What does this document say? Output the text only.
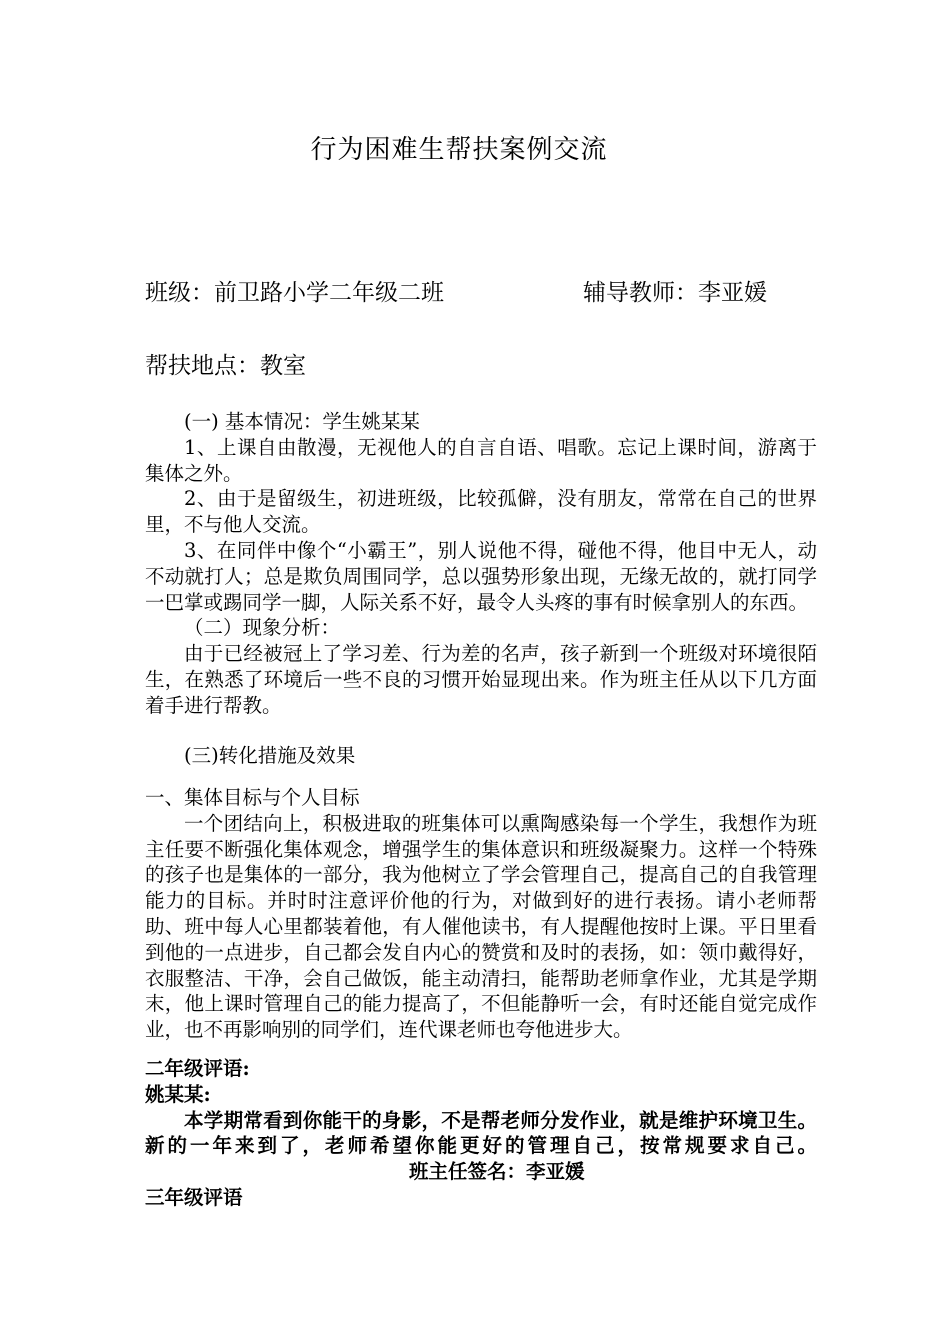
行为困难生帮扶案例交流
班级：前卫路小学二年级二班	辅导教师：李亚媛
帮扶地点：教室

(一) 基本情况：学生姚某某

1、上课自由散漫，无视他人的自言自语、唱歌。忘记上课时间，游离于集体之外。

2、由于是留级生，初进班级，比较孤僻，没有朋友，常常在自己的世界里，不与他人交流。

3、在同伴中像个“小霸王”，别人说他不得，碰他不得，他目中无人，动不动就打人；总是欺负周围同学，总以强势形象出现，无缘无故的，就打同学一巴掌或踢同学一脚，人际关系不好，最令人头疼的事有时候拿别人的东西。

（二）现象分析：

由于已经被冠上了学习差、行为差的名声，孩子新到一个班级对环境很陌生，在熟悉了环境后一些不良的习惯开始显现出来。作为班主任从以下几方面着手进行帮教。

(三)转化措施及效果

一、集体目标与个人目标

一个团结向上，积极进取的班集体可以熏陶感染每一个学生，我想作为班主任要不断强化集体观念，增强学生的集体意识和班级凝聚力。这样一个特殊的孩子也是集体的一部分，我为他树立了学会管理自己，提高自己的自我管理能力的目标。并时时注意评价他的行为，对做到好的进行表扬。请小老师帮助、班中每人心里都装着他，有人催他读书，有人提醒他按时上课。平日里看到他的一点进步，自己都会发自内心的赞赏和及时的表扬，如：领巾戴得好，衣服整洁、干净，会自己做饭，能主动清扫，能帮助老师拿作业，尤其是学期末，他上课时管理自己的能力提高了，不但能静听一会，有时还能自觉完成作业，也不再影响别的同学们，连代课老师也夸他进步大。

二年级评语:

姚某某:

本学期常看到你能干的身影，不是帮老师分发作业，就是维护环境卫生。新的一年来到了，老师希望你能更好的管理自己，按常规要求自己。班主任签名：李亚媛

三年级评语
